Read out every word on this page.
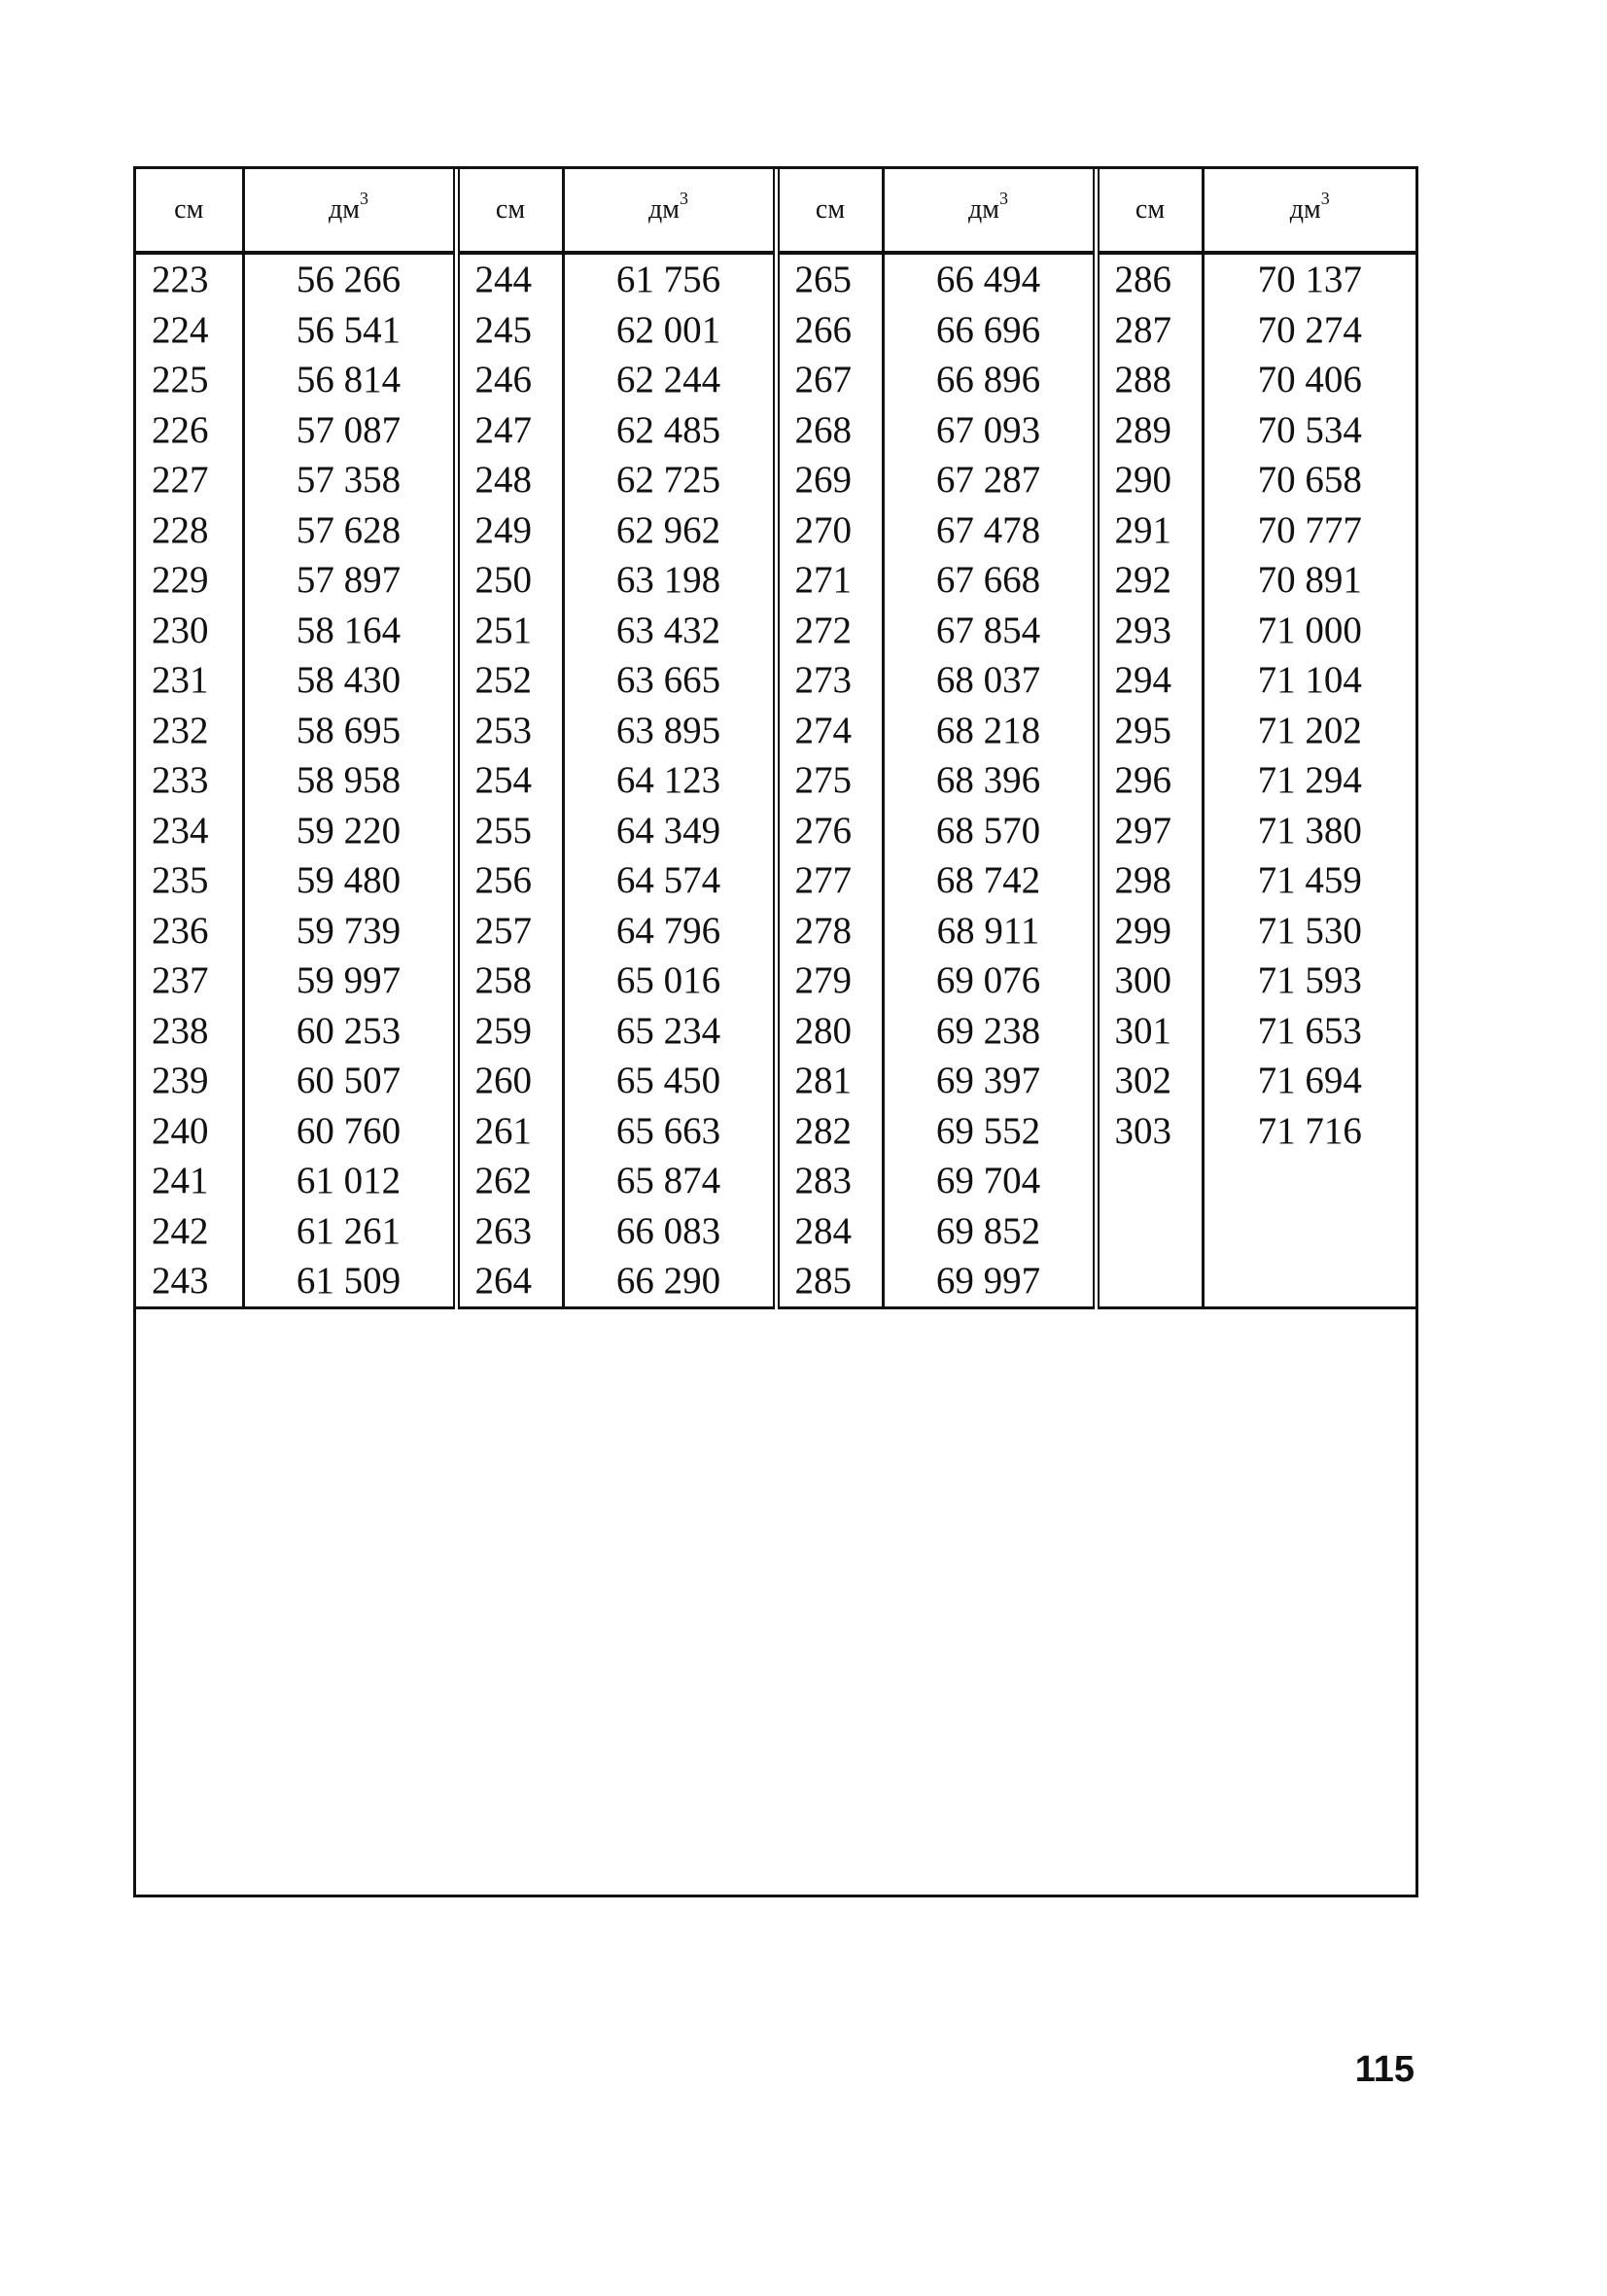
см	$дм^3$	см	$дм^3$	см	$дм^3$	см	$дм^3$
223	56 266	244	61 756	265	66 494	286	70 137
224	56 541	245	62 001	266	66 696	287	70 274
225	56 814	246	62 244	267	66 896	288	70 406
226	57 087	247	62 485	268	67 093	289	70 534
227	57 358	248	62 725	269	67 287	290	70 658
228	57 628	249	62 962	270	67 478	291	70 777
229	57 897	250	63 198	271	67 668	292	70 891
230	58 164	251	63 432	272	67 854	293	71 000
231	58 430	252	63 665	273	68 037	294	71 104
232	58 695	253	63 895	274	68 218	295	71 202
233	58 958	254	64 123	275	68 396	296	71 294
234	59 220	255	64 349	276	68 570	297	71 380
235	59 480	256	64 574	277	68 742	298	71 459
236	59 739	257	64 796	278	68 911	299	71 530
237	59 997	258	65 016	279	69 076	300	71 593
238	60 253	259	65 234	280	69 238	301	71 653
239	60 507	260	65 450	281	69 397	302	71 694
240	60 760	261	65 663	282	69 552	303	71 716
241	61 012	262	65 874	283	69 704		
242	61 261	263	66 083	284	69 852		
243	61 509	264	66 290	285	69 997		
115
